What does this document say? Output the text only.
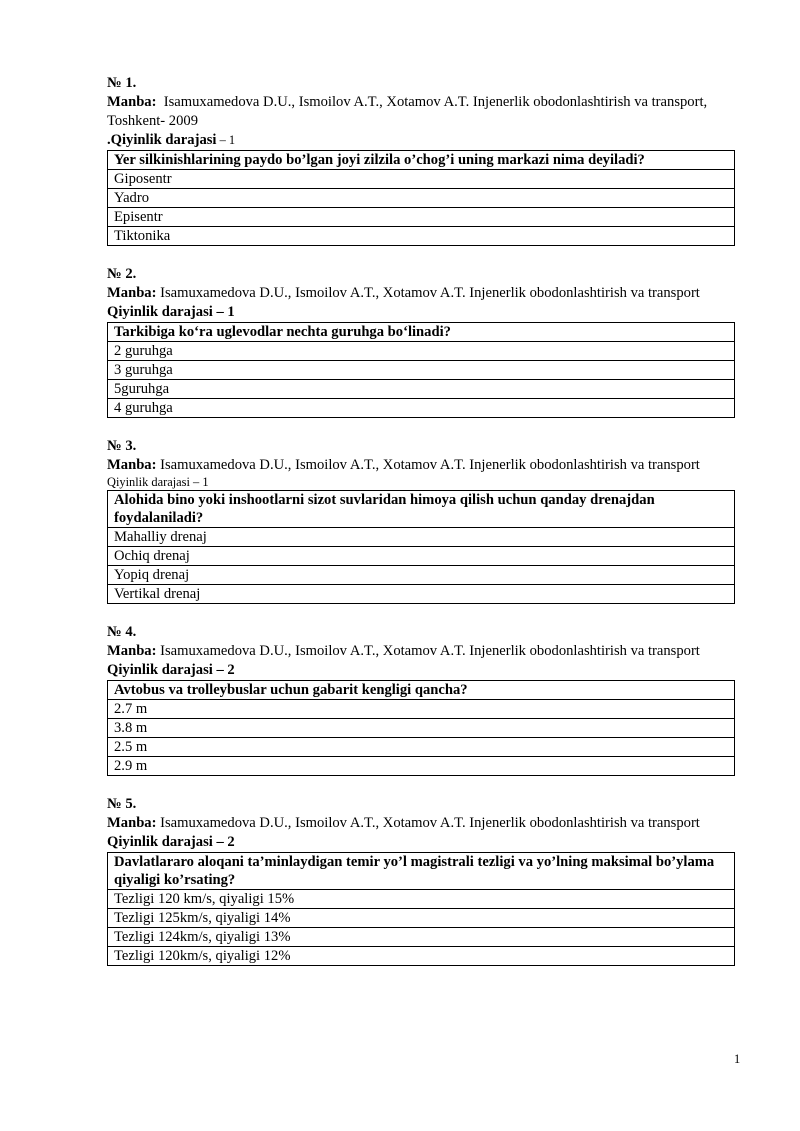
№ 1.
Manba: Isamuxamedova D.U., Ismoilov A.T., Xotamov A.T. Injenerlik obodonlashtirish va transport, Toshkent- 2009
.Qiyinlik darajasi – 1
Yer silkinishlarining paydo bo’lgan joyi zilzila o’chog’i uning markazi nima deyiladi?
Giposentr
Yadro
Episentr
Tiktonika
№ 2.
Manba: Isamuxamedova D.U., Ismoilov A.T., Xotamov A.T. Injenerlik obodonlashtirish va transport
Qiyinlik darajasi – 1
Tarkibiga ko‘ra uglevodlar nechta guruhga bo‘linadi?
2 guruhga
3 guruhga
5guruhga
4 guruhga
№ 3.
Manba: Isamuxamedova D.U., Ismoilov A.T., Xotamov A.T. Injenerlik obodonlashtirish va transport
Qiyinlik darajasi – 1
Alohida bino yoki inshootlarni sizot suvlaridan himoya qilish uchun qanday drenajdan foydalaniladi?
Mahalliy drenaj
Ochiq drenaj
Yopiq drenaj
Vertikal drenaj
№ 4.
Manba: Isamuxamedova D.U., Ismoilov A.T., Xotamov A.T. Injenerlik obodonlashtirish va transport
Qiyinlik darajasi – 2
Avtobus va trolleybuslar uchun gabarit kengligi qancha?
2.7 m
3.8 m
2.5 m
2.9 m
№ 5.
Manba: Isamuxamedova D.U., Ismoilov A.T., Xotamov A.T. Injenerlik obodonlashtirish va transport
Qiyinlik darajasi – 2
Davlatlararo aloqani ta’minlaydigan temir yo’l magistrali tezligi va yo’lning maksimal bo’ylama qiyaligi ko’rsating?
Tezligi 120 km/s, qiyaligi 15%
Tezligi 125km/s, qiyaligi 14%
Tezligi 124km/s, qiyaligi 13%
Tezligi 120km/s, qiyaligi 12%
1
